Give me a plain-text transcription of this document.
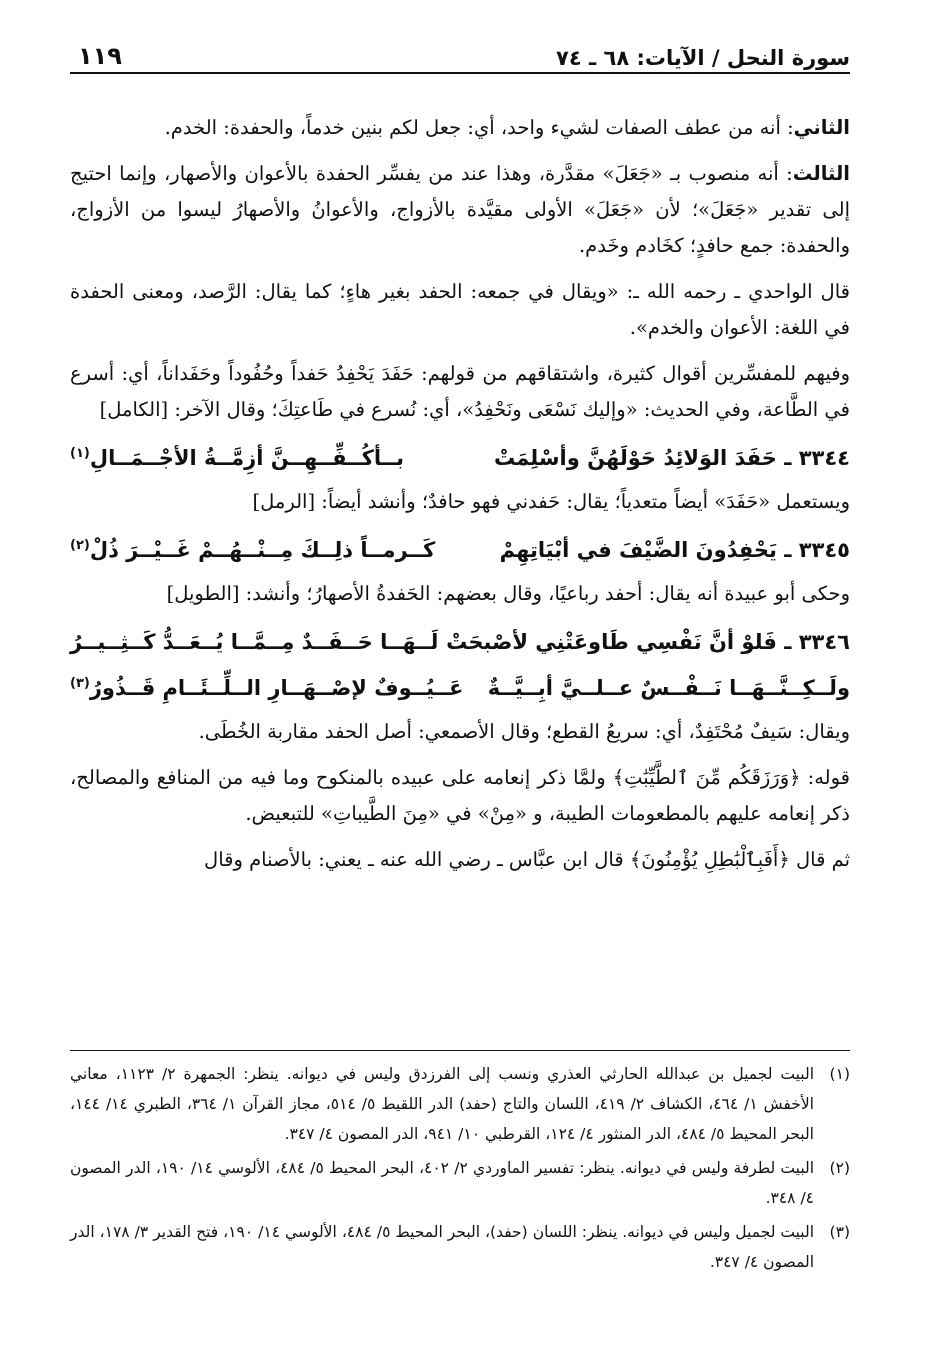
سورة النحل / الآيات: ٦٨ ـ ٧٤
١١٩

الثاني: أنه من عطف الصفات لشيء واحد، أي: جعل لكم بنين خدماً، والحفدة: الخدم.

الثالث: أنه منصوب بـ «جَعَلَ» مقدَّرة، وهذا عند من يفسِّر الحفدة بالأعوان والأصهار، وإنما احتيج إلى تقدير «جَعَلَ»؛ لأن «جَعَلَ» الأولى مقيَّدة بالأزواج، والأعوانُ والأصهارُ ليسوا من الأزواج، والحفدة: جمع حافدٍ؛ كخَادم وخَدم.

قال الواحدي ـ رحمه الله ـ: «ويقال في جمعه: الحفد بغير هاءٍ؛ كما يقال: الرَّصد، ومعنى الحفدة في اللغة: الأعوان والخدم».

وفيهم للمفسِّرين أقوال كثيرة، واشتقاقهم من قولهم: حَفَدَ يَحْفِدُ حَفداً وحُفُوداً وحَفَداناً، أي: أسرع في الطَّاعة، وفي الحديث: «وإليك نَسْعَى ونَحْفِدُ»، أي: نُسرع في طَاعتِكَ؛ وقال الآخر: [الكامل]

٣٣٤٤ ـ حَفَدَ الوَلائِدُ حَوْلَهُنَّ وأسْلِمَتْ
بــأكُــفِّــهِــنَّ أزِمَّــةُ الأجْــمَــالِ$^{(١)}$

ويستعمل «حَفَدَ» أيضاً متعدياً؛ يقال: حَفدني فهو حافدٌ؛ وأنشد أيضاً: [الرمل]

٣٣٤٥ ـ يَحْفِدُونَ الضَّيْفَ في أبْيَاتِهِمْ
كَــرمــاً ذلِــكَ مِــنْــهُــمْ غَــيْــرَ ذُلْ$^{(٢)}$

وحكى أبو عبيدة أنه يقال: أحفد رباعيًا، وقال بعضهم: الحَفدةُ الأصهارُ؛ وأنشد: [الطويل]

٣٣٤٦ ـ فَلوْ أنَّ نَفْسِي طَاوعَتْنِي لأصْبحَتْ
لَــهَــا حَــفَــدٌ مِــمَّــا يُــعَــدُّ كَــثِــيــرُ
ولَــكِــنَّــهَــا نَــفْــسٌ عــلــيَّ أبِــيَّــةٌ
عَــيُــوفٌ لإصْــهَــارِ الــلِّــئَــامِ قَــذُورُ$^{(٣)}$

ويقال: سَيفٌ مُحْتَفِدٌ، أي: سريعُ القطع؛ وقال الأصمعي: أصل الحفد مقاربة الخُطَى.

قوله: ﴿وَرَزَقَكُم مِّنَ ٱلطَّيِّبَٰتِ﴾ ولمَّا ذكر إنعامه على عبيده بالمنكوح وما فيه من المنافع والمصالح، ذكر إنعامه عليهم بالمطعومات الطيبة، و «مِنْ» في «مِنَ الطَّيباتِ» للتبعيض.

ثم قال ﴿أَفَبِٱلْبَٰطِلِ يُؤْمِنُونَ﴾ قال ابن عبَّاس ـ رضي الله عنه ـ يعني: بالأصنام وقال

(١)
البيت لجميل بن عبدالله الحارثي العذري ونسب إلى الفرزدق وليس في ديوانه. ينظر: الجمهرة ٢/ ١١٢٣، معاني الأخفش ١/ ٤٦٤، الكشاف ٢/ ٤١٩، اللسان والتاج (حفد) الدر اللقيط ٥/ ٥١٤، مجاز القرآن ١/ ٣٦٤، الطبري ١٤/ ١٤٤، البحر المحيط ٥/ ٤٨٤، الدر المنثور ٤/ ١٢٤، القرطبي ١٠/ ٩٤١، الدر المصون ٤/ ٣٤٧.

(٢)
البيت لطرفة وليس في ديوانه. ينظر: تفسير الماوردي ٢/ ٤٠٢، البحر المحيط ٥/ ٤٨٤، الألوسي ١٤/ ١٩٠، الدر المصون ٤/ ٣٤٨.

(٣)
البيت لجميل وليس في ديوانه. ينظر: اللسان (حفد)، البحر المحيط ٥/ ٤٨٤، الألوسي ١٤/ ١٩٠، فتح القدير ٣/ ١٧٨، الدر المصون ٤/ ٣٤٧.
